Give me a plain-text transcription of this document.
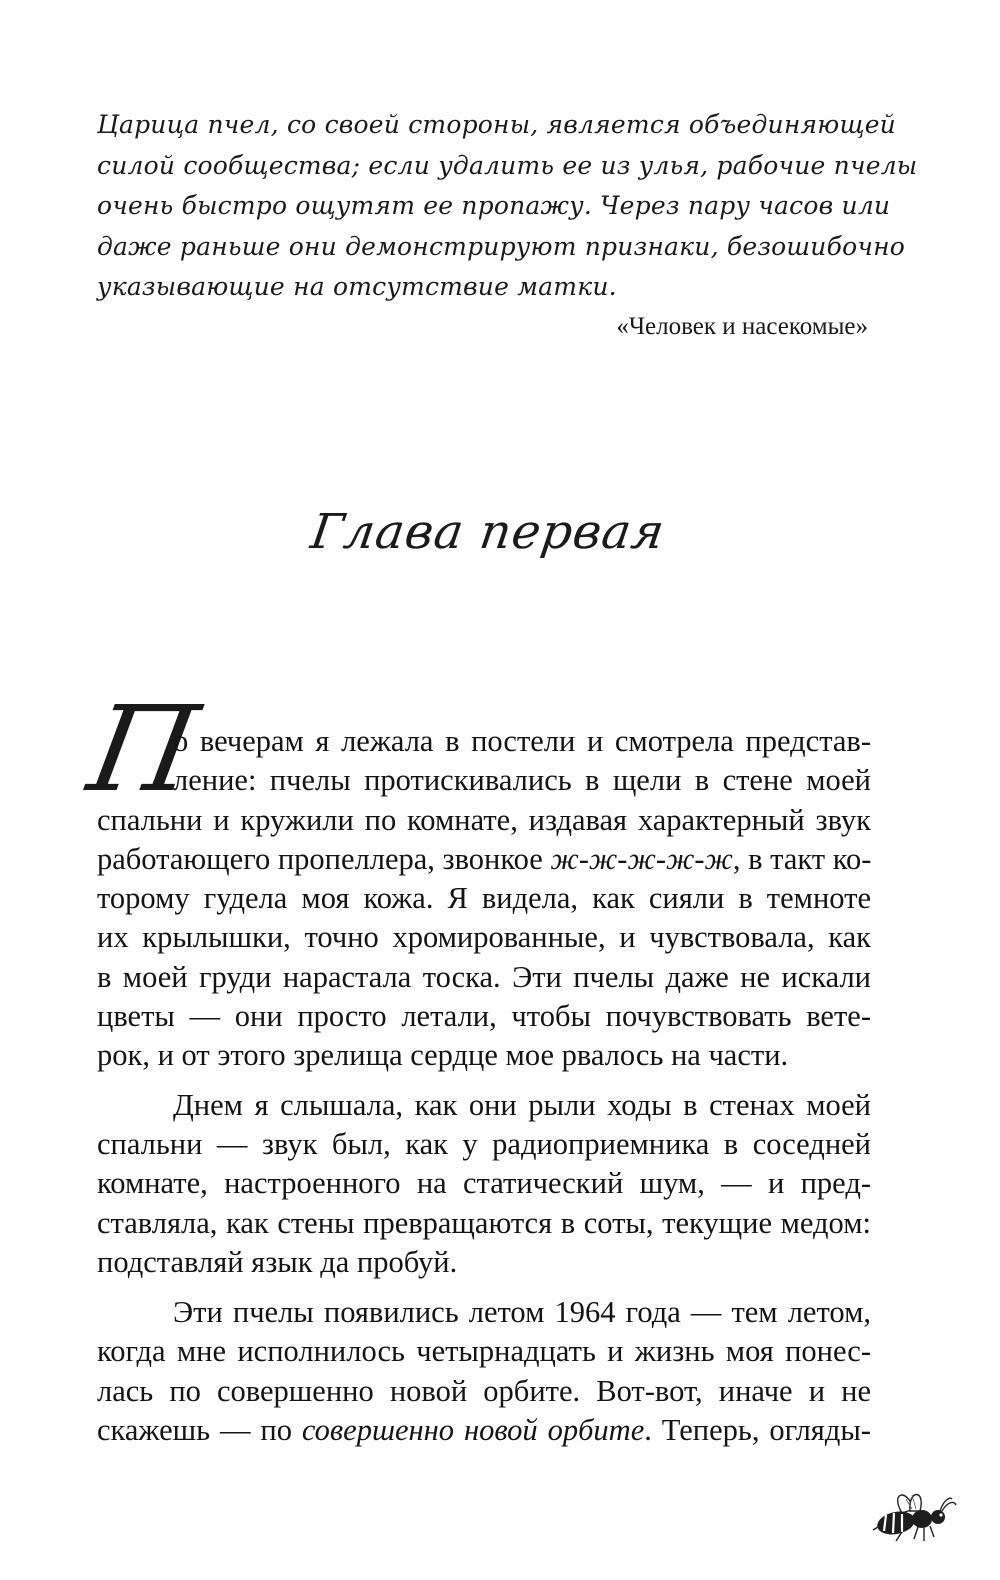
Царица пчел, со своей стороны, является объединяющей
силой сообщества; если удалить ее из улья, рабочие пчелы
очень быстро ощутят ее пропажу. Через пару часов или
даже раньше они демонстрируют признаки, безошибочно
указывающие на отсутствие матки.
«Человек и насекомые»
Глава первая
П
о вечерам я лежала в постели и смотрела представ-
ление: пчелы протискивались в щели в стене моей
спальни и кружили по комнате, издавая характерный звук
работающего пропеллера, звонкое ж-ж-ж-ж-ж, в такт ко-
торому гудела моя кожа. Я видела, как сияли в темноте
их крылышки, точно хромированные, и чувствовала, как
в моей груди нарастала тоска. Эти пчелы даже не искали
цветы — они просто летали, чтобы почувствовать вете-
рок, и от этого зрелища сердце мое рвалось на части.
Днем я слышала, как они рыли ходы в стенах моей
спальни — звук был, как у радиоприемника в соседней
комнате, настроенного на статический шум, — и пред-
ставляла, как стены превращаются в соты, текущие медом:
подставляй язык да пробуй.
Эти пчелы появились летом 1964 года — тем летом,
когда мне исполнилось четырнадцать и жизнь моя понес-
лась по совершенно новой орбите. Вот-вот, иначе и не
скажешь — по совершенно новой орбите. Теперь, огляды-
